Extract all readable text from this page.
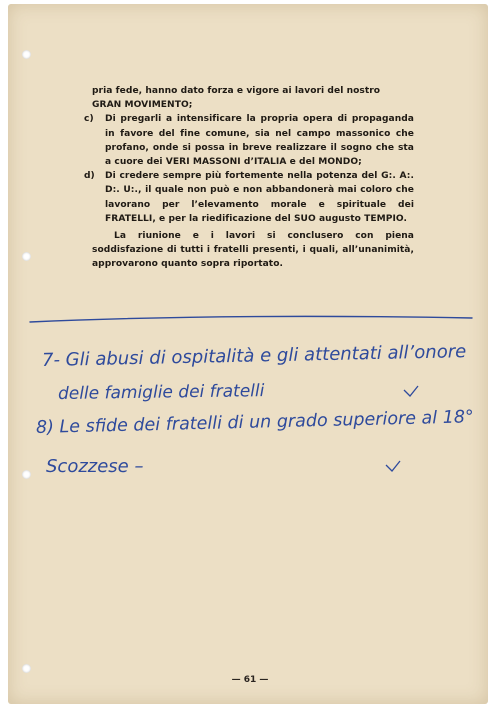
pria fede, hanno dato forza e vigore ai lavori del nostro

GRAN MOVIMENTO;

c) Di pregarli a intensificare la propria opera di propaganda in favore del fine comune, sia nel campo massonico che profano, onde si possa in breve realizzare il sogno che sta a cuore dei VERI MASSONI d’ITALIA e del MONDO;

d) Di credere sempre più fortemente nella potenza del G:. A:. D:. U:., il quale non può e non abbandonerà mai coloro che lavorano per l’elevamento morale e spirituale dei FRATELLI, e per la riedificazione del SUO augusto TEMPIO.

La riunione e i lavori si conclusero con piena soddisfazione di tutti i fratelli presenti, i quali, all’unanimità, approvarono quanto sopra riportato.

7- Gli abusi di ospitalità e gli attentati all’onore
delle famiglie dei fratelli
8) Le sfide dei fratelli di un grado superiore al 18°
Scozzese –
— 61 —
